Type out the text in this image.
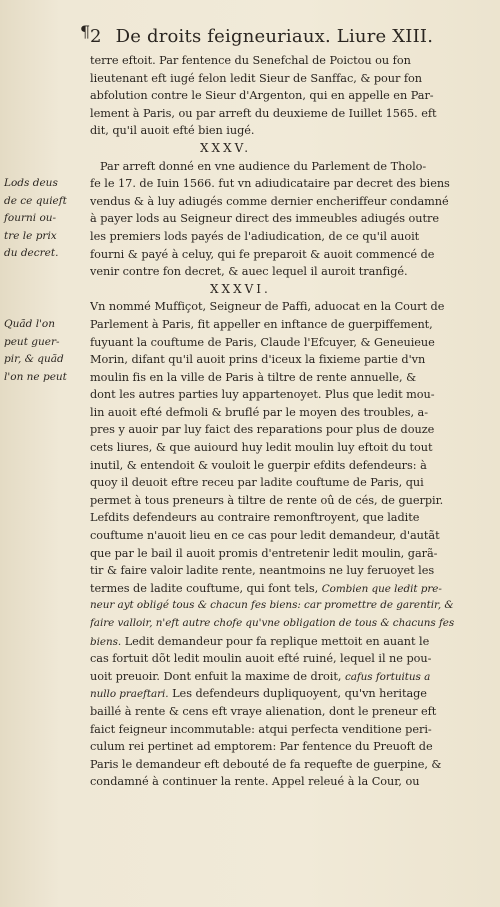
¶ 2 De droits feigneuriaux. Liure XIII.
terre eftoit. Par fentence du Senefchal de Poictou ou fon
lieutenant eft iugé felon ledit Sieur de Sanffac, & pour fon
abfolution contre le Sieur d'Argenton, qui en appelle en Par-
lement à Paris, ou par arreft du deuxieme de Iuillet 1565. eft
dit, qu'il auoit efté bien iugé.
XXXV.
Par arreft donné en vne audience du Parlement de Tholo-
fe le 17. de Iuin 1566. fut vn adiudicataire par decret des biens
vendus & à luy adiugés comme dernier encheriffeur condamné
à payer lods au Seigneur direct des immeubles adiugés outre
les premiers lods payés de l'adiudication, de ce qu'il auoit
fourni & payé à celuy, qui fe preparoit & auoit commencé de
venir contre fon decret, & auec lequel il auroit tranfigé.
XXXVI.
Vn nommé Muffiçot, Seigneur de Paffi, aduocat en la Court de
Parlement à Paris, fit appeller en inftance de guerpiffement,
fuyuant la couftume de Paris, Claude l'Efcuyer, & Geneuieue
Morin, difant qu'il auoit prins d'iceux la fixieme partie d'vn
moulin fis en la ville de Paris à tiltre de rente annuelle, &
dont les autres parties luy appartenoyet. Plus que ledit mou-
lin auoit efté defmoli & bruflé par le moyen des troubles, a-
pres y auoir par luy faict des reparations pour plus de douze
cets liures, & que auiourd huy ledit moulin luy eftoit du tout
inutil, & entendoit & vouloit le guerpir efdits defendeurs: à
quoy il deuoit eftre receu par ladite couftume de Paris, qui
permet à tous preneurs à tiltre de rente oû de cés, de guerpir.
Lefdits defendeurs au contraire remonftroyent, que ladite
couftume n'auoit lieu en ce cas pour ledit demandeur, d'autãt
que par le bail il auoit promis d'entretenir ledit moulin, garã-
tir & faire valoir ladite rente, neantmoins ne luy feruoyet les
termes de ladite couftume, qui font tels, Combien que ledit pre-
neur ayt obligé tous & chacun fes biens: car promettre de garentir, &
faire valloir, n'eft autre chofe qu'vne obligation de tous & chacuns fes
biens. Ledit demandeur pour fa replique mettoit en auant le
cas fortuit dõt ledit moulin auoit efté ruiné, lequel il ne pou-
uoit preuoir. Dont enfuit la maxime de droit, cafus fortuitus a
nullo praeftari. Les defendeurs dupliquoyent, qu'vn heritage
baillé à rente & cens eft vraye alienation, dont le preneur eft
faict feigneur incommutable: atqui perfecta venditione peri-
culum rei pertinet ad emptorem: Par fentence du Preuoft de
Paris le demandeur eft debouté de fa requefte de guerpine, &
condamné à continuer la rente. Appel releué à la Cour, ou
Lods deus
de ce quieft
fourni ou-
tre le prix
du decret.
Quãd l'on
peut guer-
pir, & quãd
l'on ne peut
